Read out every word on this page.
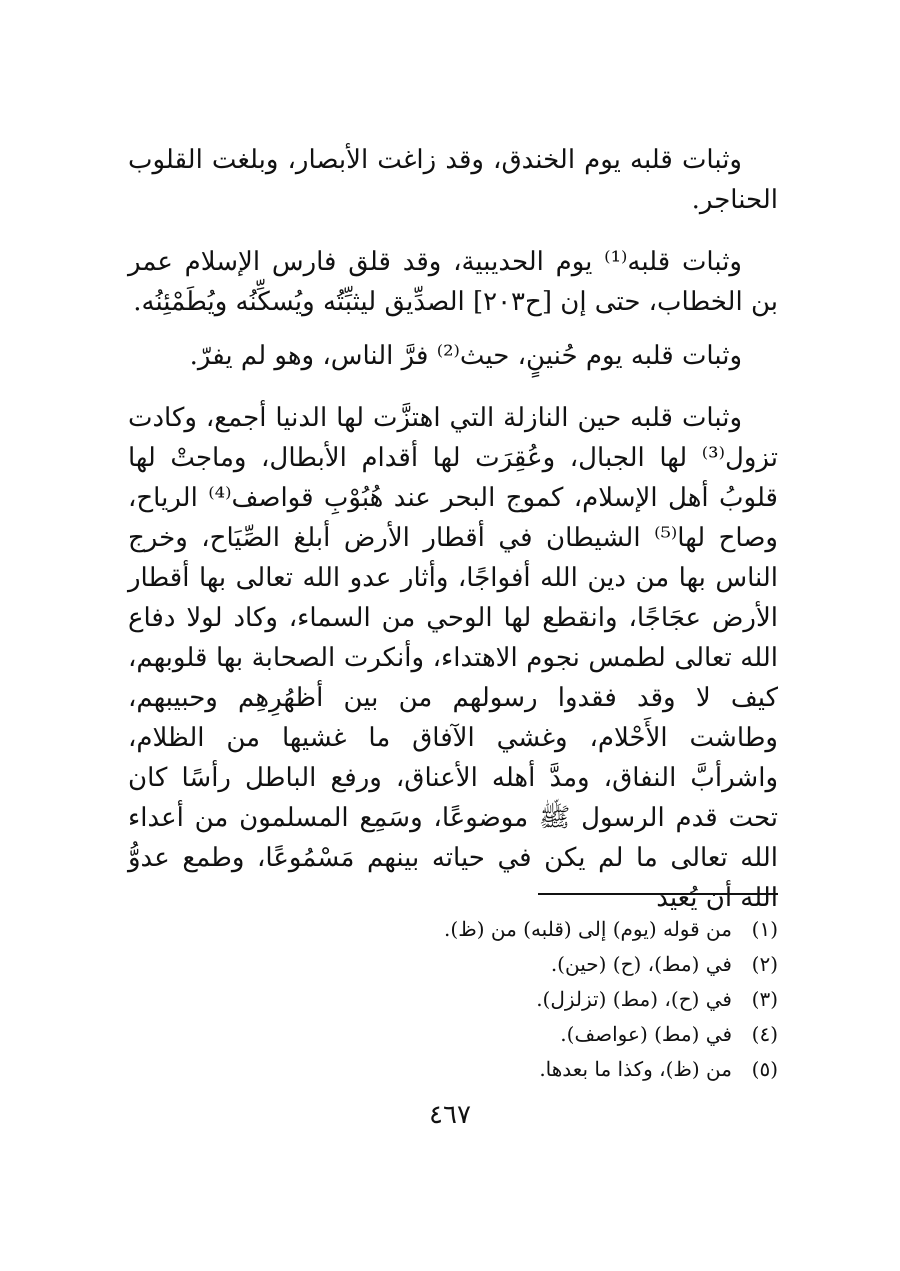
وثبات قلبه يوم الخندق، وقد زاغت الأبصار، وبلغت القلوب الحناجر.

وثبات قلبه⁽¹⁾ يوم الحديبية، وقد قلق فارس الإسلام عمر بن الخطاب، حتى إن [ح٢٠٣] الصدِّيق ليثبِّتُه ويُسكِّنُه ويُطَمْئِنُه.

وثبات قلبه يوم حُنينٍ، حيث⁽²⁾ فرَّ الناس، وهو لم يفرّ.

وثبات قلبه حين النازلة التي اهتزَّت لها الدنيا أجمع، وكادت تزول⁽³⁾ لها الجبال، وعُقِرَت لها أقدام الأبطال، وماجتْ لها قلوبُ أهل الإسلام، كموج البحر عند هُبُوْبِ قواصف⁽⁴⁾ الرياح، وصاح لها⁽⁵⁾ الشيطان في أقطار الأرض أبلغ الصِّيَاح، وخرج الناس بها من دين الله أفواجًا، وأثار عدو الله تعالى بها أقطار الأرض عجَاجًا، وانقطع لها الوحي من السماء، وكاد لولا دفاع الله تعالى لطمس نجوم الاهتداء، وأنكرت الصحابة بها قلوبهم، كيف لا وقد فقدوا رسولهم من بين أظهُرِهِم وحبيبهم، وطاشت الأَحْلام، وغشي الآفاق ما غشيها من الظلام، واشرأبَّ النفاق، ومدَّ أهله الأعناق، ورفع الباطل رأسًا كان تحت قدم الرسول ﷺ موضوعًا، وسَمِع المسلمون من أعداء الله تعالى ما لم يكن في حياته بينهم مَسْمُوعًا، وطمع عدوُّ الله أن يُعيد

(١)من قوله (يوم) إلى (قلبه) من (ظ).
(٢)في (مط)، (ح) (حين).
(٣)في (ح)، (مط) (تزلزل).
(٤)في (مط) (عواصف).
(٥)من (ظ)، وكذا ما بعدها.
٤٦٧
